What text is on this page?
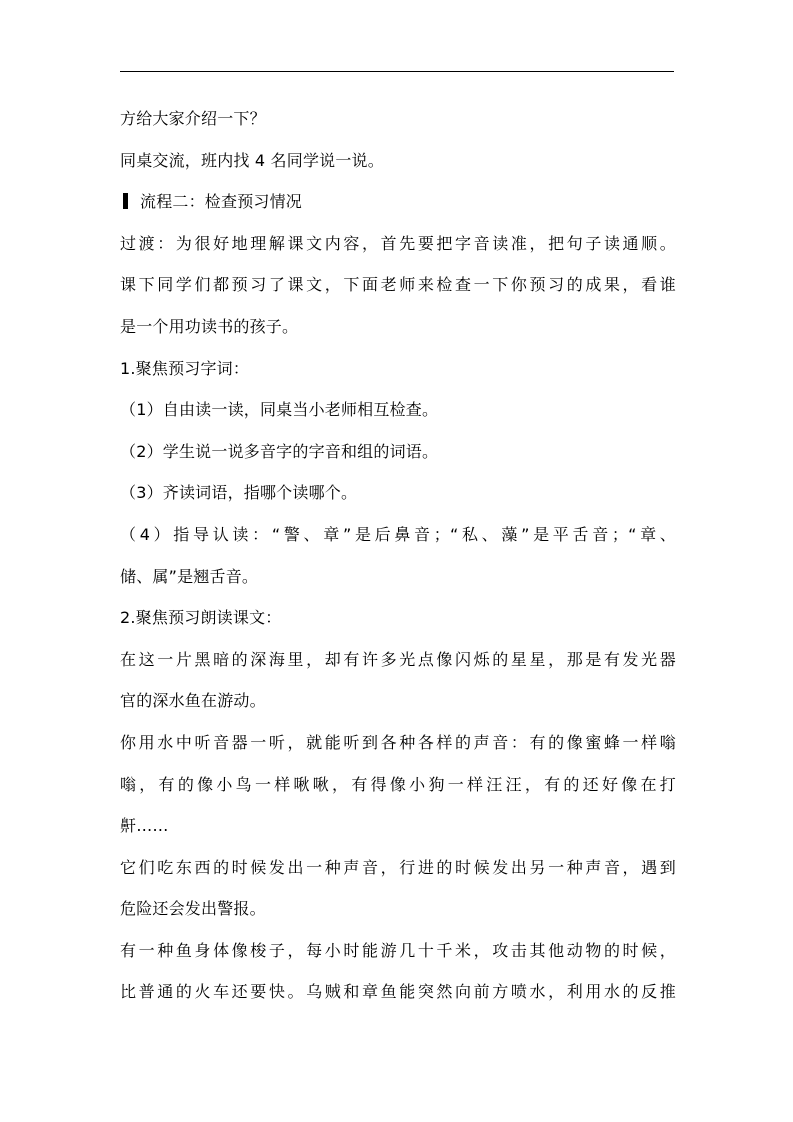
方给大家介绍一下？
同桌交流，班内找 4 名同学说一说。
流程二：检查预习情况
过渡：为很好地理解课文内容，首先要把字音读准，把句子读通顺。
课下同学们都预习了课文，下面老师来检查一下你预习的成果，看谁
是一个用功读书的孩子。
1.聚焦预习字词：
（1）自由读一读，同桌当小老师相互检查。
（2）学生说一说多音字的字音和组的词语。
（3）齐读词语，指哪个读哪个。
（4）指导认读：“警、章”是后鼻音；“私、藻”是平舌音；“章、
储、属”是翘舌音。
2.聚焦预习朗读课文：
在这一片黑暗的深海里，却有许多光点像闪烁的星星，那是有发光器
官的深水鱼在游动。
你用水中听音器一听，就能听到各种各样的声音：有的像蜜蜂一样嗡
嗡，有的像小鸟一样啾啾，有得像小狗一样汪汪，有的还好像在打
鼾……
它们吃东西的时候发出一种声音，行进的时候发出另一种声音，遇到
危险还会发出警报。
有一种鱼身体像梭子，每小时能游几十千米，攻击其他动物的时候，
比普通的火车还要快。乌贼和章鱼能突然向前方喷水，利用水的反推
